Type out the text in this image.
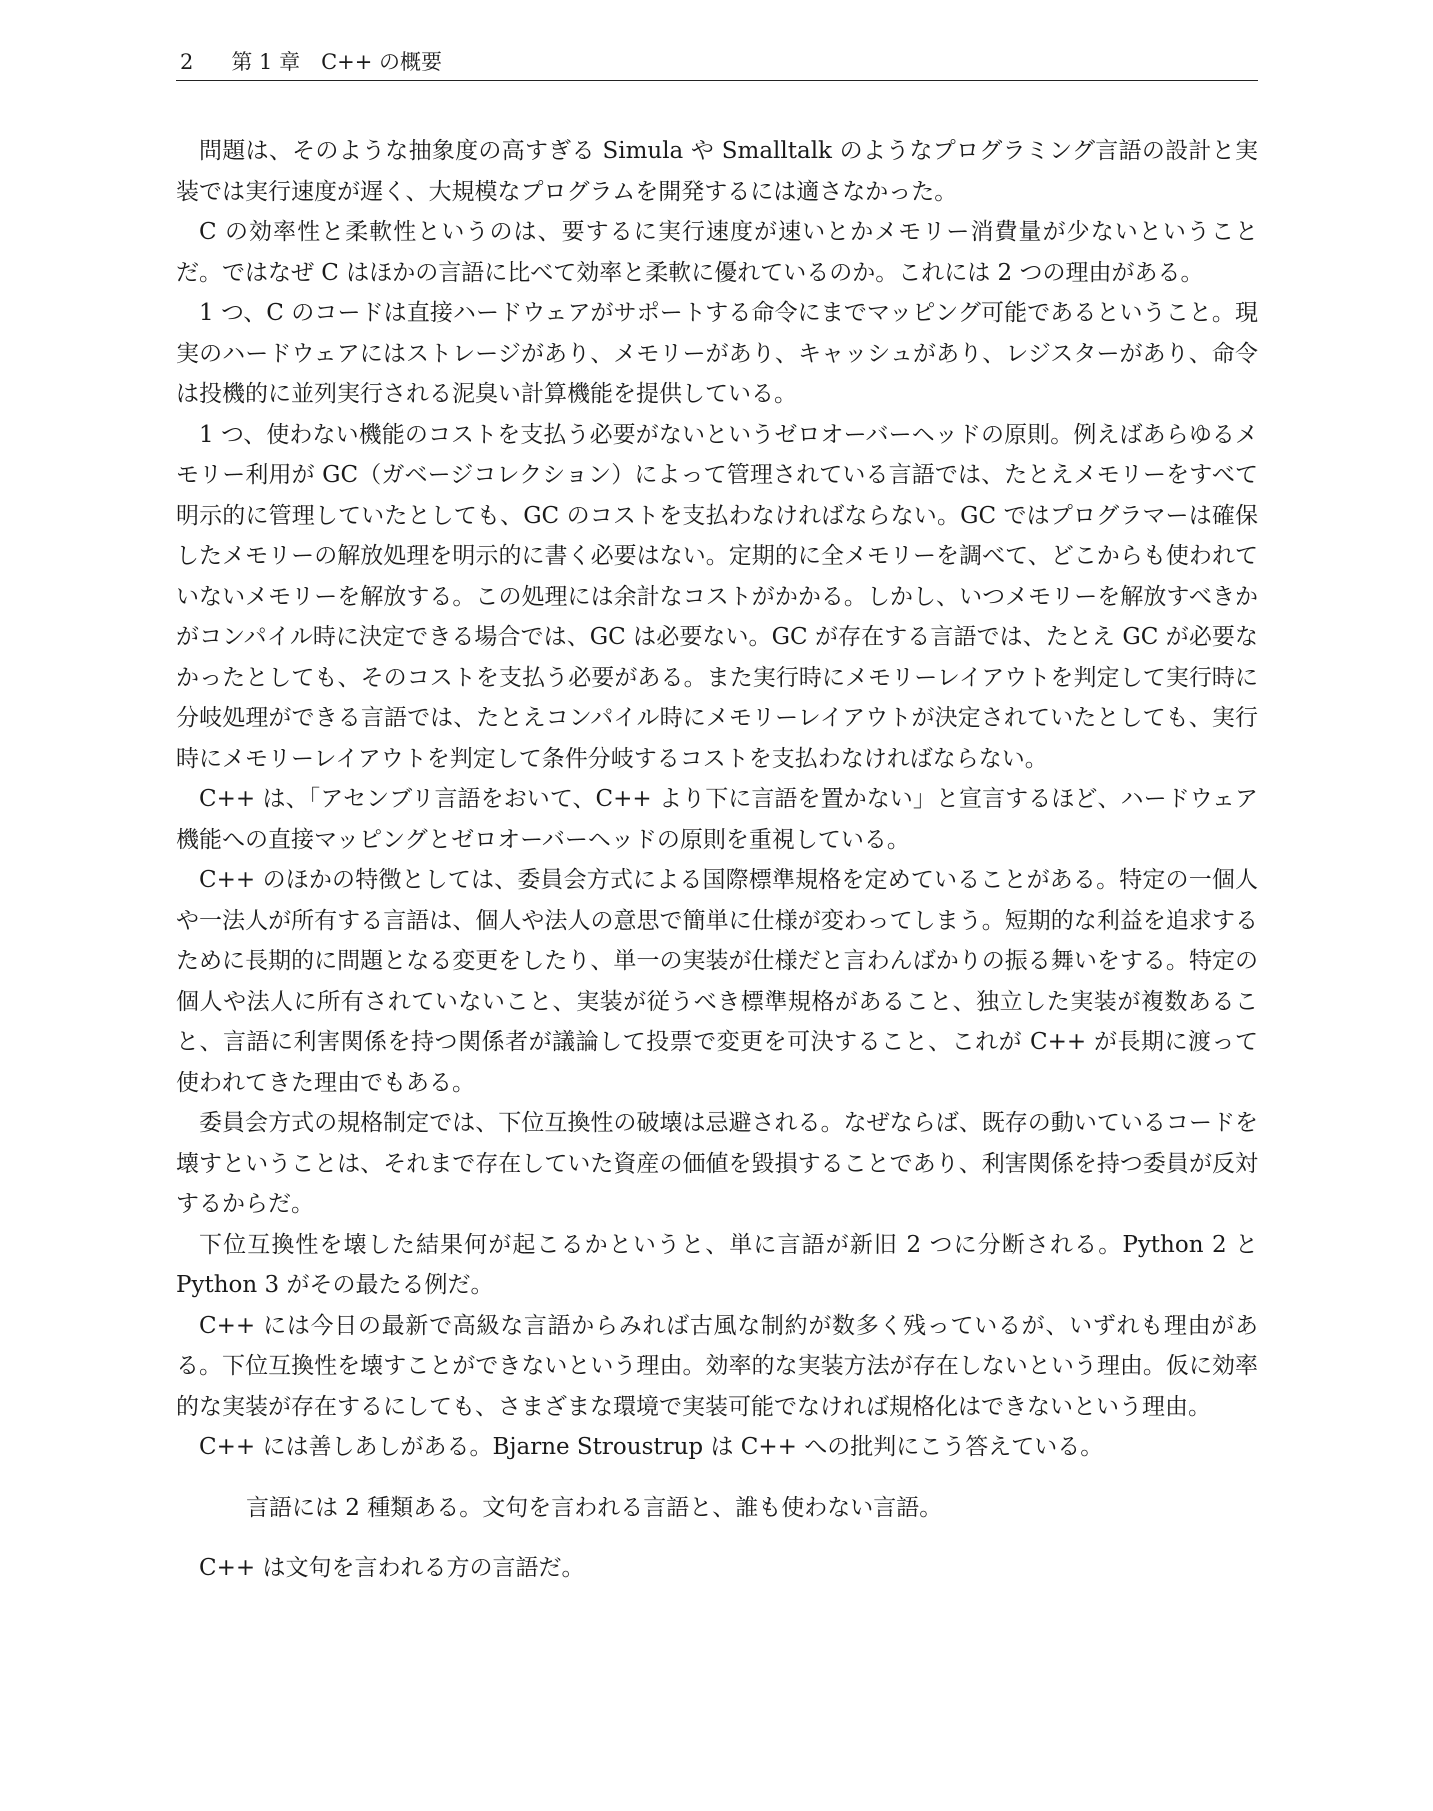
2 第 1 章　C++ の概要

問題は、そのような抽象度の高すぎる Simula や Smalltalk のようなプログラミング言語の設計と実装では実行速度が遅く、大規模なプログラムを開発するには適さなかった。

C の効率性と柔軟性というのは、要するに実行速度が速いとかメモリー消費量が少ないということだ。ではなぜ C はほかの言語に比べて効率と柔軟に優れているのか。これには 2 つの理由がある。

1 つ、C のコードは直接ハードウェアがサポートする命令にまでマッピング可能であるということ。現実のハードウェアにはストレージがあり、メモリーがあり、キャッシュがあり、レジスターがあり、命令は投機的に並列実行される泥臭い計算機能を提供している。

1 つ、使わない機能のコストを支払う必要がないというゼロオーバーヘッドの原則。例えばあらゆるメモリー利用が GC（ガベージコレクション）によって管理されている言語では、たとえメモリーをすべて明示的に管理していたとしても、GC のコストを支払わなければならない。GC ではプログラマーは確保したメモリーの解放処理を明示的に書く必要はない。定期的に全メモリーを調べて、どこからも使われていないメモリーを解放する。この処理には余計なコストがかかる。しかし、いつメモリーを解放すべきかがコンパイル時に決定できる場合では、GC は必要ない。GC が存在する言語では、たとえ GC が必要なかったとしても、そのコストを支払う必要がある。また実行時にメモリーレイアウトを判定して実行時に分岐処理ができる言語では、たとえコンパイル時にメモリーレイアウトが決定されていたとしても、実行時にメモリーレイアウトを判定して条件分岐するコストを支払わなければならない。

C++ は、「アセンブリ言語をおいて、C++ より下に言語を置かない」と宣言するほど、ハードウェア機能への直接マッピングとゼロオーバーヘッドの原則を重視している。

C++ のほかの特徴としては、委員会方式による国際標準規格を定めていることがある。特定の一個人や一法人が所有する言語は、個人や法人の意思で簡単に仕様が変わってしまう。短期的な利益を追求するために長期的に問題となる変更をしたり、単一の実装が仕様だと言わんばかりの振る舞いをする。特定の個人や法人に所有されていないこと、実装が従うべき標準規格があること、独立した実装が複数あること、言語に利害関係を持つ関係者が議論して投票で変更を可決すること、これが C++ が長期に渡って使われてきた理由でもある。

委員会方式の規格制定では、下位互換性の破壊は忌避される。なぜならば、既存の動いているコードを壊すということは、それまで存在していた資産の価値を毀損することであり、利害関係を持つ委員が反対するからだ。

下位互換性を壊した結果何が起こるかというと、単に言語が新旧 2 つに分断される。Python 2 と Python 3 がその最たる例だ。

C++ には今日の最新で高級な言語からみれば古風な制約が数多く残っているが、いずれも理由がある。下位互換性を壊すことができないという理由。効率的な実装方法が存在しないという理由。仮に効率的な実装が存在するにしても、さまざまな環境で実装可能でなければ規格化はできないという理由。

C++ には善しあしがある。Bjarne Stroustrup は C++ への批判にこう答えている。

言語には 2 種類ある。文句を言われる言語と、誰も使わない言語。

C++ は文句を言われる方の言語だ。
